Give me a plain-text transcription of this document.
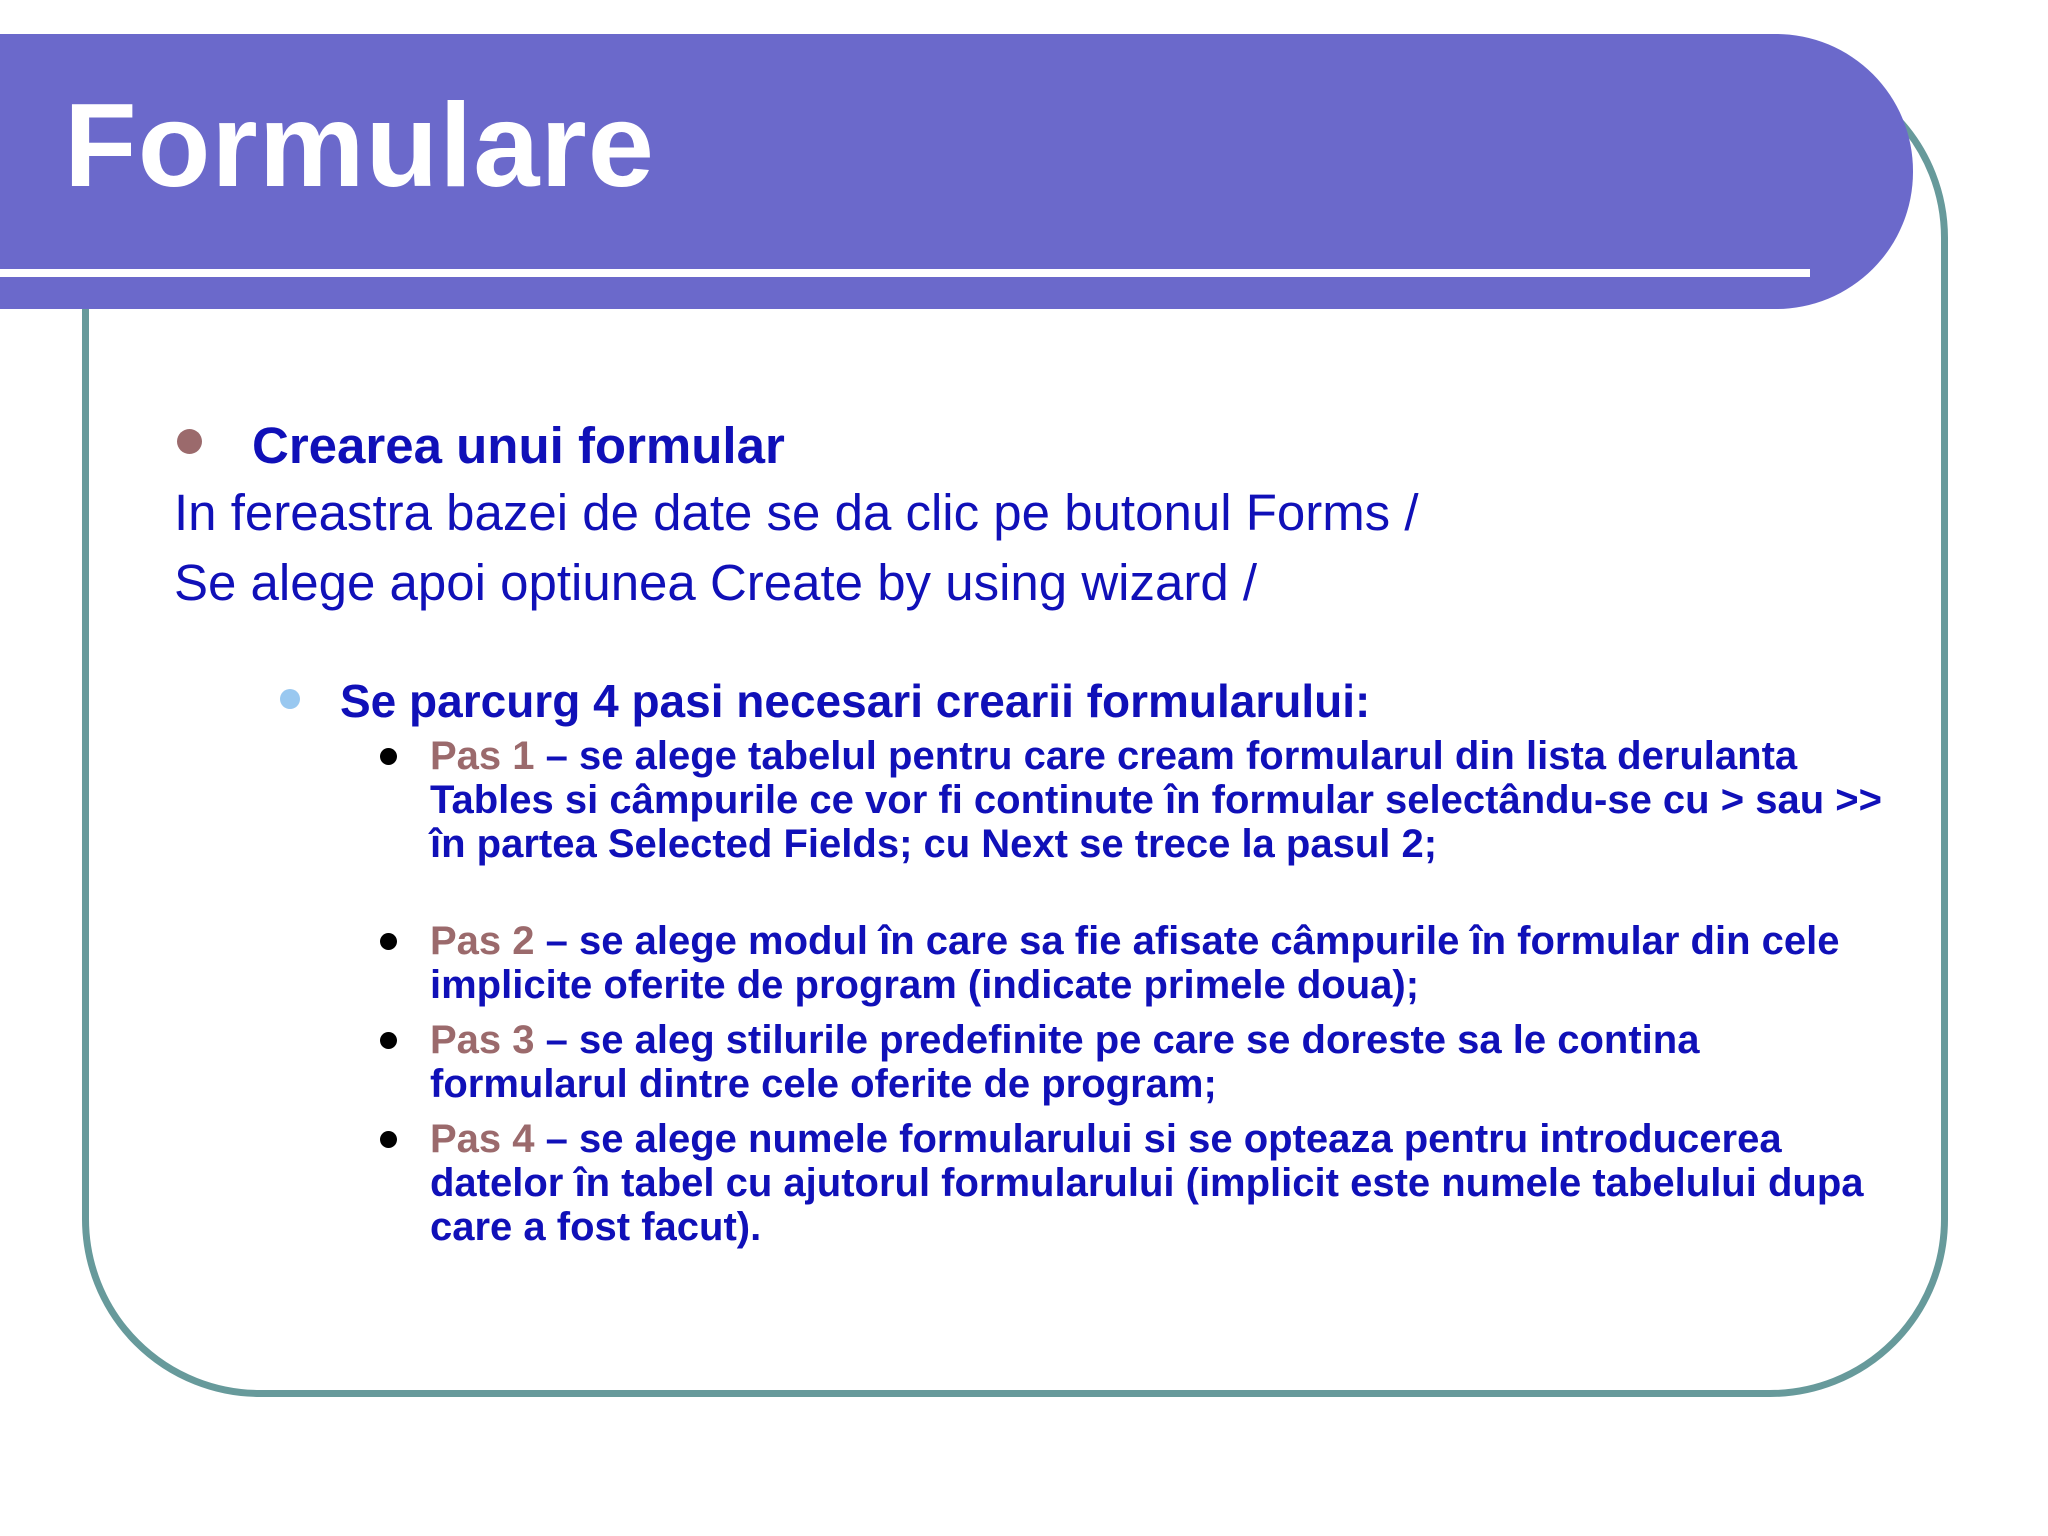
Formulare
Crearea unui formular
In fereastra bazei de date se da clic pe butonul Forms /
Se alege apoi optiunea Create by using wizard /
Se parcurg 4 pasi necesari crearii formularului:
Pas 1 – se alege tabelul pentru care cream formularul din lista derulanta Tables si câmpurile ce vor fi continute în formular selectându-se cu > sau >> în partea Selected Fields; cu Next se trece la pasul 2;
Pas 2 – se alege modul în care sa fie afisate câmpurile în formular din cele implicite oferite de program (indicate primele doua);
Pas 3 – se aleg stilurile predefinite pe care se doreste sa le contina formularul dintre cele oferite de program;
Pas 4 – se alege numele formularului si se opteaza pentru introducerea datelor în tabel cu ajutorul formularului (implicit este numele tabelului dupa care a fost facut).
